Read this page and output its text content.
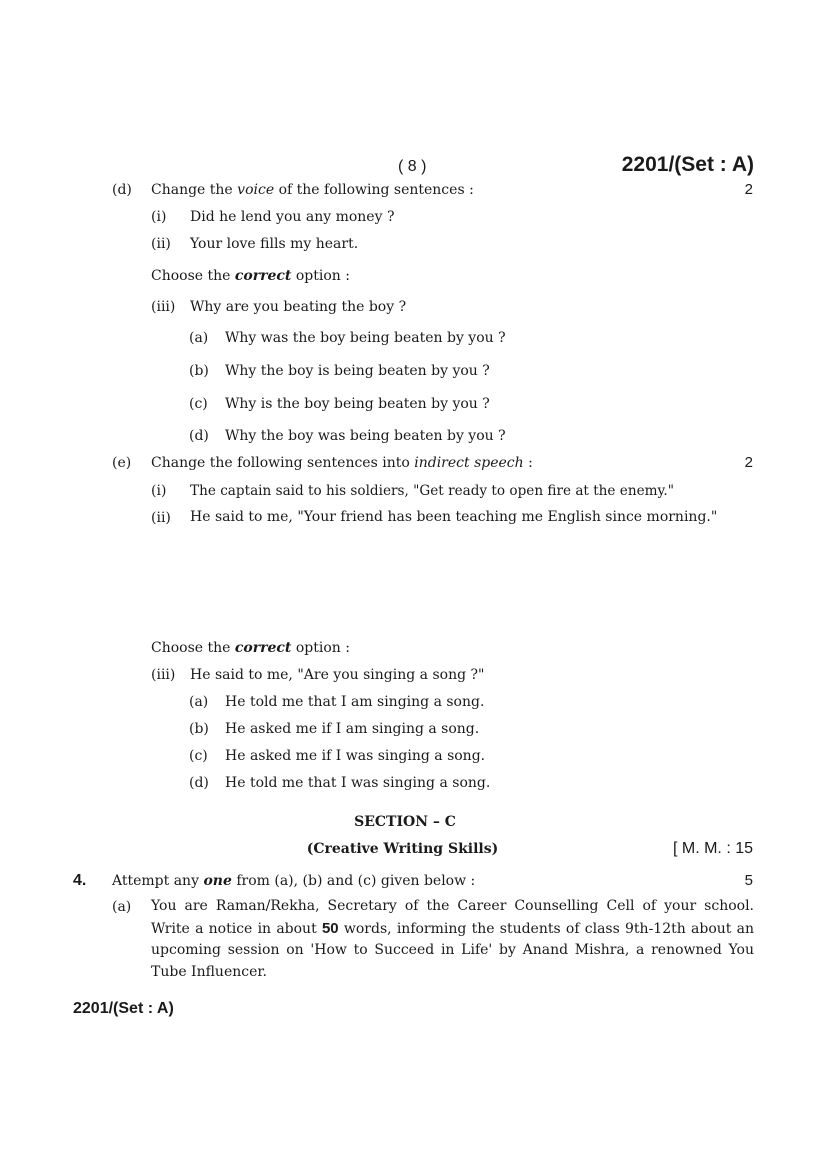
( 8 )	2201/(Set : A)
(d) Change the voice of the following sentences :	2
(i) Did he lend you any money ?
(ii) Your love fills my heart.
Choose the correct option :
(iii) Why are you beating the boy ?
(a) Why was the boy being beaten by you ?
(b) Why the boy is being beaten by you ?
(c) Why is the boy being beaten by you ?
(d) Why the boy was being beaten by you ?
(e) Change the following sentences into indirect speech :	2
(i) The captain said to his soldiers, "Get ready to open fire at the enemy."
(ii) He said to me, "Your friend has been teaching me English since morning."
Choose the correct option :
(iii) He said to me, "Are you singing a song ?"
(a) He told me that I am singing a song.
(b) He asked me if I am singing a song.
(c) He asked me if I was singing a song.
(d) He told me that I was singing a song.
SECTION – C
(Creative Writing Skills)	[ M. M. : 15
4. Attempt any one from (a), (b) and (c) given below :	5
(a) You are Raman/Rekha, Secretary of the Career Counselling Cell of your school. Write a notice in about 50 words, informing the students of class 9th-12th about an upcoming session on 'How to Succeed in Life' by Anand Mishra, a renowned You Tube Influencer.
2201/(Set : A)
